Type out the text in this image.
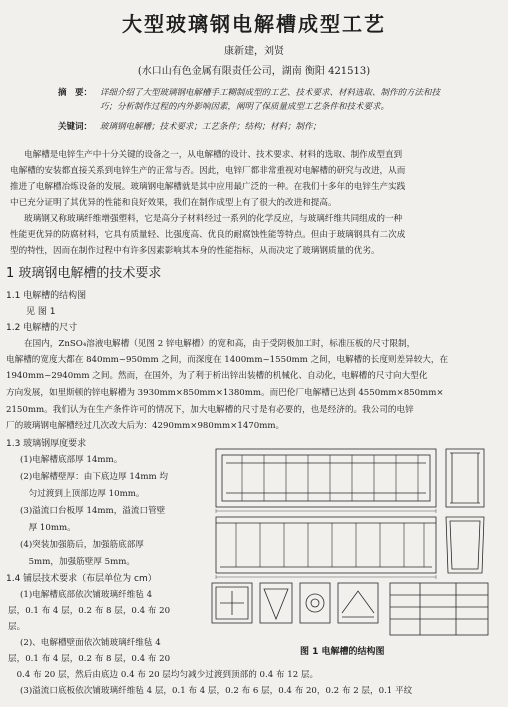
大型玻璃钢电解槽成型工艺
康新建，刘贤
(水口山有色金属有限责任公司，湖南 衡阳 421513)
摘　要： 详细介绍了大型玻璃钢电解槽手工糊制成型的工艺、技术要求、材料选取、制作的方法和技
巧；分析制作过程的内外影响因素，阐明了保质量成型工艺条件和技术要求。
关键词： 玻璃钢电解槽；技术要求；工艺条件；结构；材料；制作；
电解槽是电锌生产中十分关键的设备之一，从电解槽的设计、技术要求、材料的选取、制作成型直到
电解槽的安装都直接关系到电锌生产的正常与否。因此，电锌厂都非常重视对电解槽的研究与改进，从而
推进了电解槽冶炼设备的发展。玻璃钢电解槽就是其中应用最广泛的一种。在我们十多年的电锌生产实践
中已充分证明了其优异的性能和良好效果，我们在制作成型上有了很大的改进和提高。
玻璃钢又称玻璃纤维增强塑料，它是高分子材料经过一系列的化学反应，与玻璃纤维共同组成的一种
性能更优异的防腐材料，它具有质量轻、比强度高、优良的耐腐蚀性能等特点。但由于玻璃钢具有二次成
型的特性，因而在制作过程中有许多因素影响其本身的性能指标，从而决定了玻璃钢质量的优劣。
1 玻璃钢电解槽的技术要求
1.1 电解槽的结构图
见 图 1
1.2 电解槽的尺寸
在国内，ZnSO₄溶液电解槽（见图 2 锌电解槽）的宽和高，由于受阴极加工时，标准压板的尺寸限制，
电解槽的宽度大都在 840mm~950mm 之间，而深度在 1400mm~1550mm 之间，电解槽的长度则差异较大，在
1940mm~2940mm 之间。然而，在国外，为了利于析出锌出装槽的机械化、自动化，电解槽的尺寸向大型化
方向发展，如里斯顿的锌电解槽为 3930mm×850mm×1380mm。而巴伦厂电解槽已达到 4550mm×850mm×
2150mm。我们认为在生产条件许可的情况下，加大电解槽的尺寸是有必要的，也是经济的。我公司的电锌
厂的玻璃钢电解槽经过几次改大后为：4290mm×980mm×1470mm。
1.3 玻璃钢厚度要求
(1)电解槽底部厚 14mm。
(2)电解槽壁厚：由下底边厚 14mm 均
　匀过渡到上顶部边厚 10mm。
(3)溢流口台板厚 14mm，溢流口管壁
　厚 10mm。
(4)突装加强筋后，加强筋底部厚
　5mm，加强筋壁厚 5mm。
1.4 铺层技术要求（布层单位为 cm）
(1)电解槽底部依次铺玻璃纤维毡 4
层，0.1 布 4 层，0.2 布 8 层，0.4 布 20
层。
(2)、电解槽壁面依次铺玻璃纤维毡 4
层，0.1 布 4 层，0.2 布 8 层，0.4 布 20
　0.4 布 20 层，然后由底边 0.4 布 20 层均匀减少过渡到顶部的 0.4 布 12 层。
(3)溢流口底板依次铺玻璃纤维毡 4 层，0.1 布 4 层，0.2 布 6 层，0.4 布 20，0.2 布 2 层，0.1 平纹
图 1 电解槽的结构图
